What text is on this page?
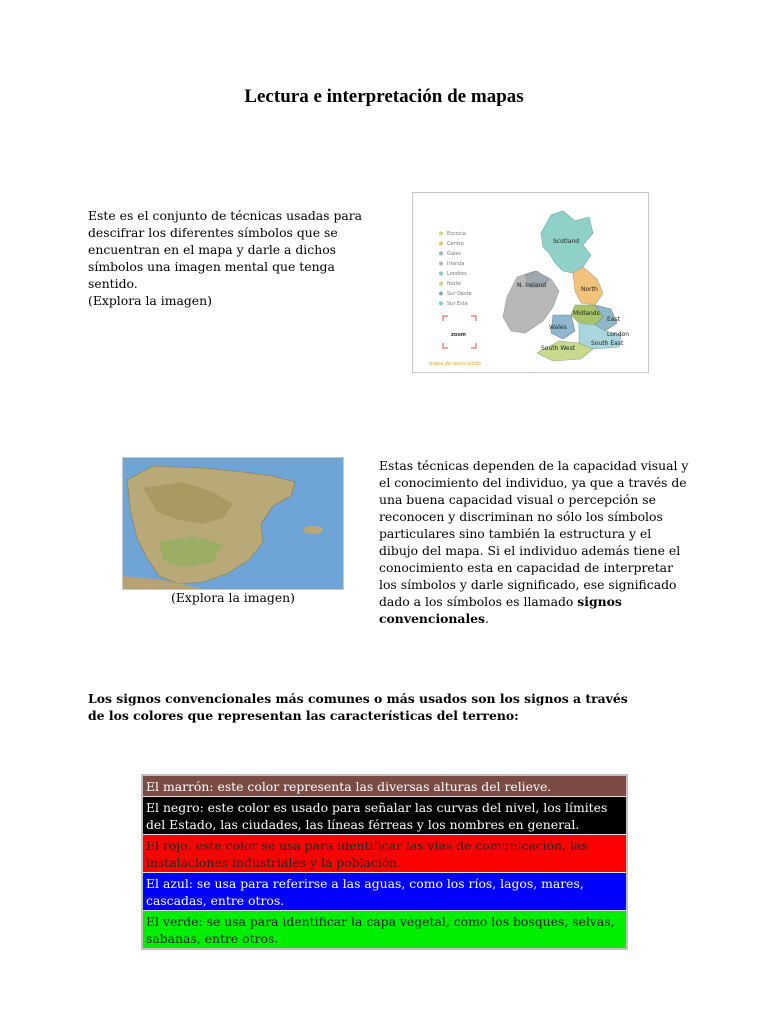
Lectura e interpretación de mapas
Este es el conjunto de técnicas usadas para descifrar los diferentes símbolos que se encuentran en el mapa y darle a dichos símbolos una imagen mental que tenga sentido.
(Explora la imagen)
Escocia
Centro
Gales
Irlanda
Londres
Norte
Sur Oeste
Sur Este
Scotland
N. Ireland
North
Midlands
Wales
East
London
South East
South West
zoom
mapa de reino unido
(Explora la imagen)
Estas técnicas dependen de la capacidad visual y el conocimiento del individuo, ya que a través de una buena capacidad visual o percepción se reconocen y discriminan no sólo los símbolos particulares sino también la estructura y el dibujo del mapa. Si el individuo además tiene el conocimiento esta en capacidad de interpretar los símbolos y darle significado, ese significado dado a los símbolos es llamado signos convencionales.
Los signos convencionales más comunes o más usados son los signos a través de los colores que representan las características del terreno:
El marrón: este color representa las diversas alturas del relieve.
El negro: este color es usado para señalar las curvas del nivel, los límites del Estado, las ciudades, las líneas férreas y los nombres en general.
El rojo: este color se usa para identificar las vías de comunicación, las instalaciones industriales y la población.
El azul: se usa para referirse a las aguas, como los ríos, lagos, mares, cascadas, entre otros.
El verde: se usa para identificar la capa vegetal, como los bosques, selvas, sabanas, entre otros.
